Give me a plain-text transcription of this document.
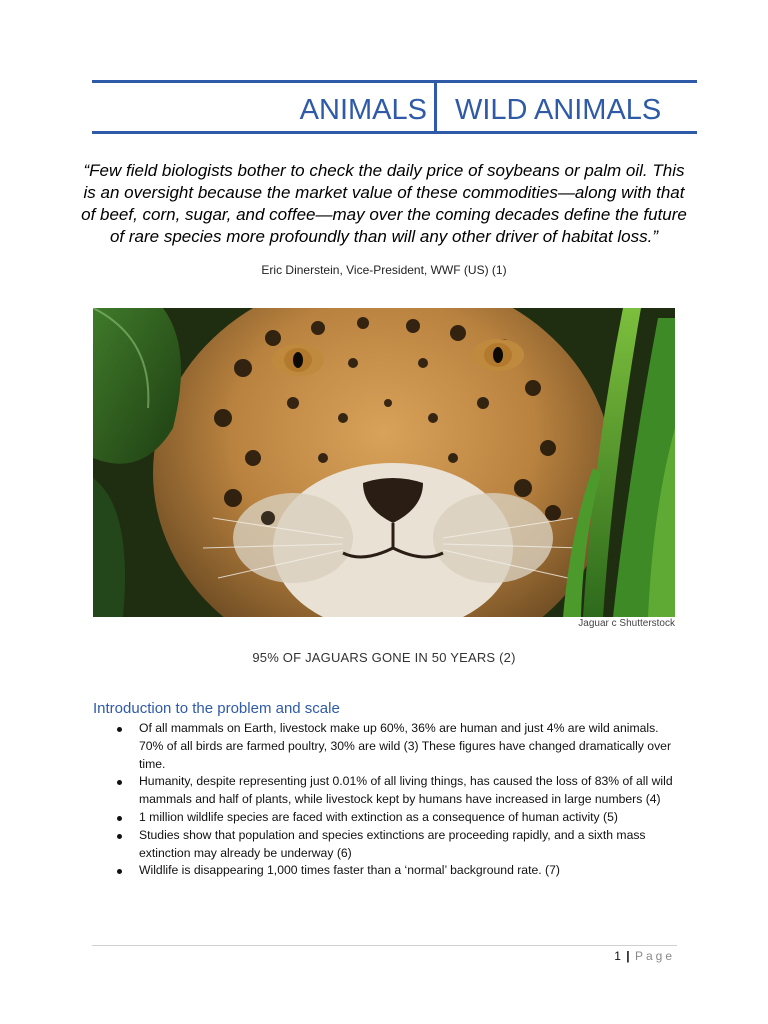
ANIMALS WILD ANIMALS
“Few field biologists bother to check the daily price of soybeans or palm oil. This is an oversight because the market value of these commodities—along with that of beef, corn, sugar, and coffee—may over the coming decades define the future of rare species more profoundly than will any other driver of habitat loss.”
Eric Dinerstein, Vice-President, WWF (US) (1)
Jaguar c Shutterstock
95% OF JAGUARS GONE IN 50 YEARS (2)
Introduction to the problem and scale
Of all mammals on Earth, livestock make up 60%, 36% are human and just 4% are wild animals. 70% of all birds are farmed poultry, 30% are wild (3) These figures have changed dramatically over time.
Humanity, despite representing just 0.01% of all living things, has caused the loss of 83% of all wild mammals and half of plants, while livestock kept by humans have increased in large numbers (4)
1 million wildlife species are faced with extinction as a consequence of human activity (5)
Studies show that population and species extinctions are proceeding rapidly, and a sixth mass extinction may already be underway (6)
Wildlife is disappearing 1,000 times faster than a ‘normal’ background rate. (7)
1 | Page
